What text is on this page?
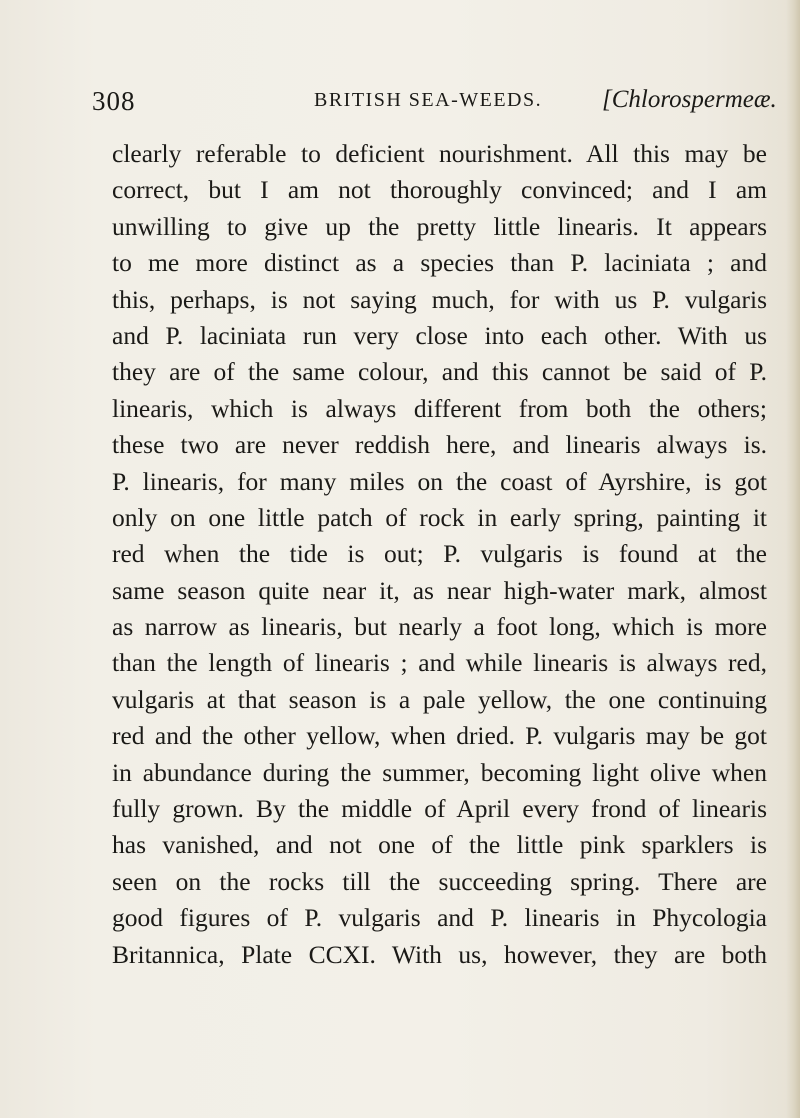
308	BRITISH SEA-WEEDS. [Chlorospermeæ.
clearly referable to deficient nourishment. All this may be
correct, but I am not thoroughly convinced; and I am
unwilling to give up the pretty little linearis. It appears
to me more distinct as a species than P. laciniata ; and
this, perhaps, is not saying much, for with us P. vulgaris
and P. laciniata run very close into each other. With us
they are of the same colour, and this cannot be said of P.
linearis, which is always different from both the others;
these two are never reddish here, and linearis always is.
P. linearis, for many miles on the coast of Ayrshire, is got
only on one little patch of rock in early spring, painting it
red when the tide is out; P. vulgaris is found at the
same season quite near it, as near high-water mark, almost
as narrow as linearis, but nearly a foot long, which is more
than the length of linearis ; and while linearis is always red,
vulgaris at that season is a pale yellow, the one continuing
red and the other yellow, when dried. P. vulgaris may be got
in abundance during the summer, becoming light olive when
fully grown. By the middle of April every frond of linearis
has vanished, and not one of the little pink sparklers is
seen on the rocks till the succeeding spring. There are
good figures of P. vulgaris and P. linearis in Phycologia
Britannica, Plate CCXI. With us, however, they are both
